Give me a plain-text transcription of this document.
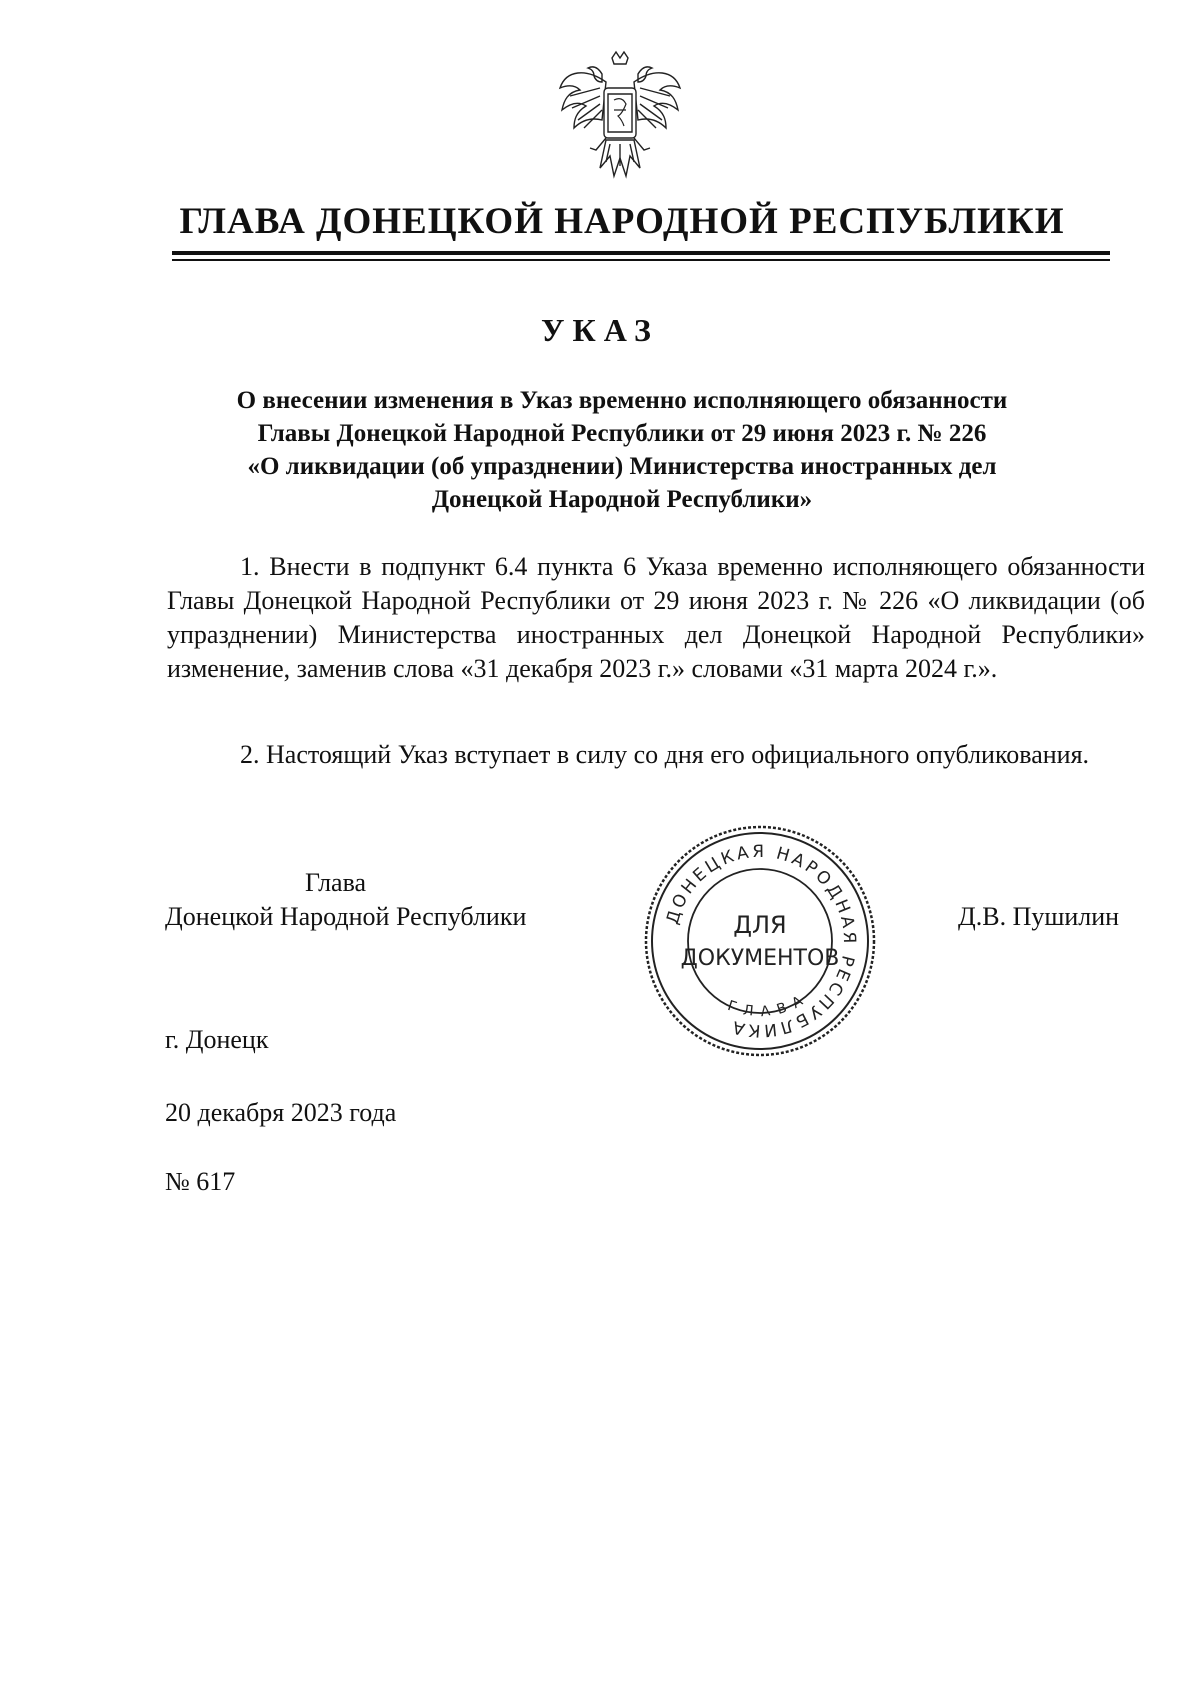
ГЛАВА ДОНЕЦКОЙ НАРОДНОЙ РЕСПУБЛИКИ
УКАЗ
О внесении изменения в Указ временно исполняющего обязанности
Главы Донецкой Народной Республики от 29 июня 2023 г. № 226
«О ликвидации (об упразднении) Министерства иностранных дел
Донецкой Народной Республики»
1. Внести в подпункт 6.4 пункта 6 Указа временно исполняющего обязанности Главы Донецкой Народной Республики от 29 июня 2023 г. № 226 «О ликвидации (об упразднении) Министерства иностранных дел Донецкой Народной Республики» изменение, заменив слова «31 декабря 2023 г.» словами «31 марта 2024 г.».
2. Настоящий Указ вступает в силу со дня его официального опубликования.
Глава
Донецкой Народной Республики	ДОНЕЦКАЯ НАРОДНАЯ РЕСПУБЛИКА
ГЛАВА
ДЛЯ
ДОКУМЕНТОВ
Д.В. Пушилин
г. Донецк
20 декабря 2023 года
№ 617
